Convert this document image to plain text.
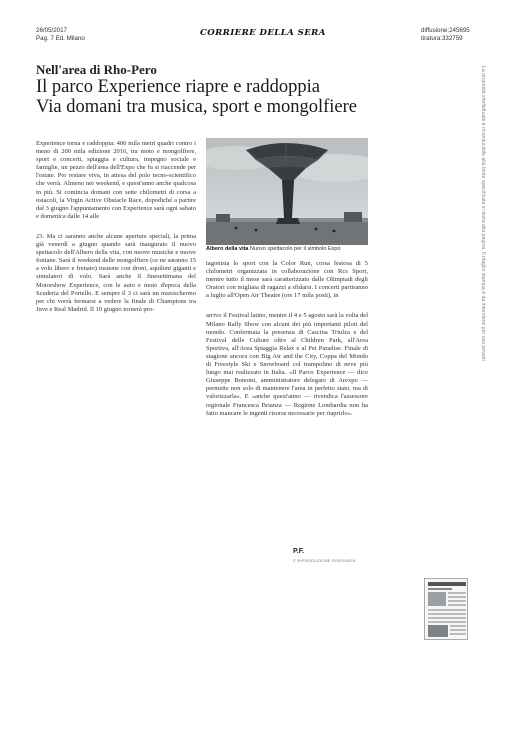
26/05/2017
Pag. 7 Ed. Milano
CORRIERE DELLA SERA	diffusione:245695
tiratura:332759
Nell'area di Rho-Pero
Il parco Experience riapre e raddoppia
Via domani tra musica, sport e mongolfiere

Experience torna e raddoppia: 400 mila metri quadri contro i meno di 200 mila edizione 2016, tra moto e mongolfiere, sport e concerti, spiaggia e cultura, impegno sociale e famiglie, un pezzo dell'area dell'Expo che fu si riaccende per l'estate. Per restare viva, in attesa del polo tecno-scientifico che verrà. Almeno nei weekend, e quest'anno anche qualcosa in più. Si comincia domani con sette chilometri di corsa a ostacoli, la Virgin Active Obstacle Race, dopodiché a partire dal 3 giugno l'appuntamento con Experience sarà ogni sabato e domenica dalle 14 alle

23. Ma ci saranno anche alcune aperture speciali, la prima già venerdì a giugno quando sarà inaugurato il nuovo spettacolo dell'Albero della vita, con nuove musiche e nuove fontane. Sarà il weekend delle mongolfiere (ce ne saranno 15 a volo libero e frenato) insieme con droni, aquiloni giganti e simulatori di volo. Sarà anche il finesettimana del Motorshow Experience, con le auto e moto d'epoca della Scuderia del Portello. E sempre il 3 ci sarà un maxischermo per chi vorrà fermarsi a vedere la finale di Champions tra Juve e Real Madrid. Il 10 giugno tornerà pro-

Albero della vita Nuovo spettacolo per il simbolo Expo

tagonista lo sport con la Color Run, corsa festosa di 5 chilometri organizzata in collaborazione con Rcs Sport, mentre tutto il mese sarà caratterizzato dalle Olimpiadi degli Oratori con migliaia di ragazzi a sfidarsi. I concerti partiranno a luglio all'Open Air Theatre (ore 17 mila posti), in

arrivo il Festival latino, mentre il 4 e 5 agosto sarà la volta del Milano Rally Show con alcuni dei più importanti piloti del mondo. Confermata la presenza di Cascina Triulza e del Festival delle Culture oltre al Children Park, all'Area Sportiva, all'Area Spiaggia Relax e al Pet Paradise. Finale di stagione ancora con Big Air and the City, Coppa del Mondo di Freestyle Ski e Snowboard col trampolino di neve più lungo mai realizzato in Italia. «Il Parco Experience — dice Giuseppe Bonomi, amministratore delegato di Arexpo — permette non solo di mantenere l'area in perfetto stato, ma di valorizzarla». E «anche quest'anno — rivendica l'assessore regionale Francesca Brianza — Regione Lombardia non ha fatto mancare le ingenti risorse necessarie per riaprirlo».

P.F.
© RIPRODUZIONE RISERVATA
La proprietà intellettuale è riconducibile alla fonte specificata in testa alla pagina. Il ritaglio stampa è da intendersi per uso privato
